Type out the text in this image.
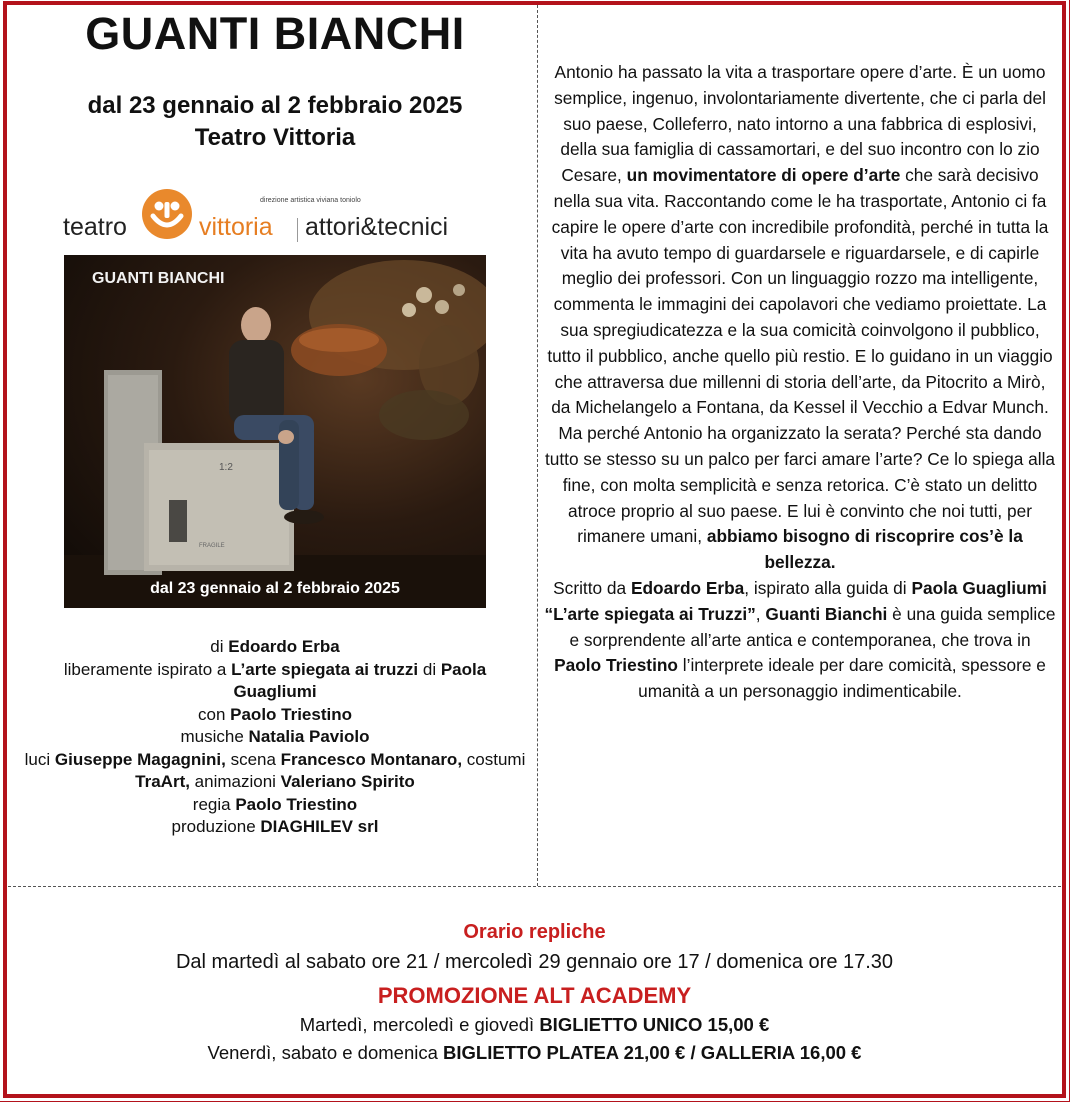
GUANTI BIANCHI
dal 23 gennaio al 2 febbraio 2025
Teatro Vittoria
direzione artistica viviana toniolo
teatro	vittoria attori&tecnici
1:2
FRAGILE
GUANTI BIANCHI
dal 23 gennaio al 2 febbraio 2025
di Edoardo Erba
liberamente ispirato a L’arte spiegata ai truzzi di Paola Guagliumi
con Paolo Triestino
musiche Natalia Paviolo
luci Giuseppe Magagnini, scena Francesco Montanaro, costumi TraArt, animazioni Valeriano Spirito
regia Paolo Triestino
produzione DIAGHILEV srl
Antonio ha passato la vita a trasportare opere d’arte. È un uomo semplice, ingenuo, involontariamente divertente, che ci parla del suo paese, Colleferro, nato intorno a una fabbrica di esplosivi, della sua famiglia di cassamortari, e del suo incontro con lo zio Cesare, un movimentatore di opere d’arte che sarà decisivo nella sua vita. Raccontando come le ha trasportate, Antonio ci fa capire le opere d’arte con incredibile profondità, perché in tutta la vita ha avuto tempo di guardarsele e riguardarsele, e di capirle meglio dei professori. Con un linguaggio rozzo ma intelligente, commenta le immagini dei capolavori che vediamo proiettate. La sua spregiudicatezza e la sua comicità coinvolgono il pubblico, tutto il pubblico, anche quello più restio. E lo guidano in un viaggio che attraversa due millenni di storia dell’arte, da Pitocrito a Mirò, da Michelangelo a Fontana, da Kessel il Vecchio a Edvar Munch.
Ma perché Antonio ha organizzato la serata? Perché sta dando tutto se stesso su un palco per farci amare l’arte? Ce lo spiega alla fine, con molta semplicità e senza retorica. C’è stato un delitto atroce proprio al suo paese. E lui è convinto che noi tutti, per rimanere umani, abbiamo bisogno di riscoprire cos’è la bellezza.
Scritto da Edoardo Erba, ispirato alla guida di Paola Guagliumi “L’arte spiegata ai Truzzi”, Guanti Bianchi è una guida semplice e sorprendente all’arte antica e contemporanea, che trova in Paolo Triestino l’interprete ideale per dare comicità, spessore e umanità a un personaggio indimenticabile.
Orario repliche
Dal martedì al sabato ore 21 / mercoledì 29 gennaio ore 17 / domenica ore 17.30
PROMOZIONE ALT ACADEMY
Martedì, mercoledì e giovedì BIGLIETTO UNICO 15,00 €
Venerdì, sabato e domenica BIGLIETTO PLATEA 21,00 € / GALLERIA 16,00 €
